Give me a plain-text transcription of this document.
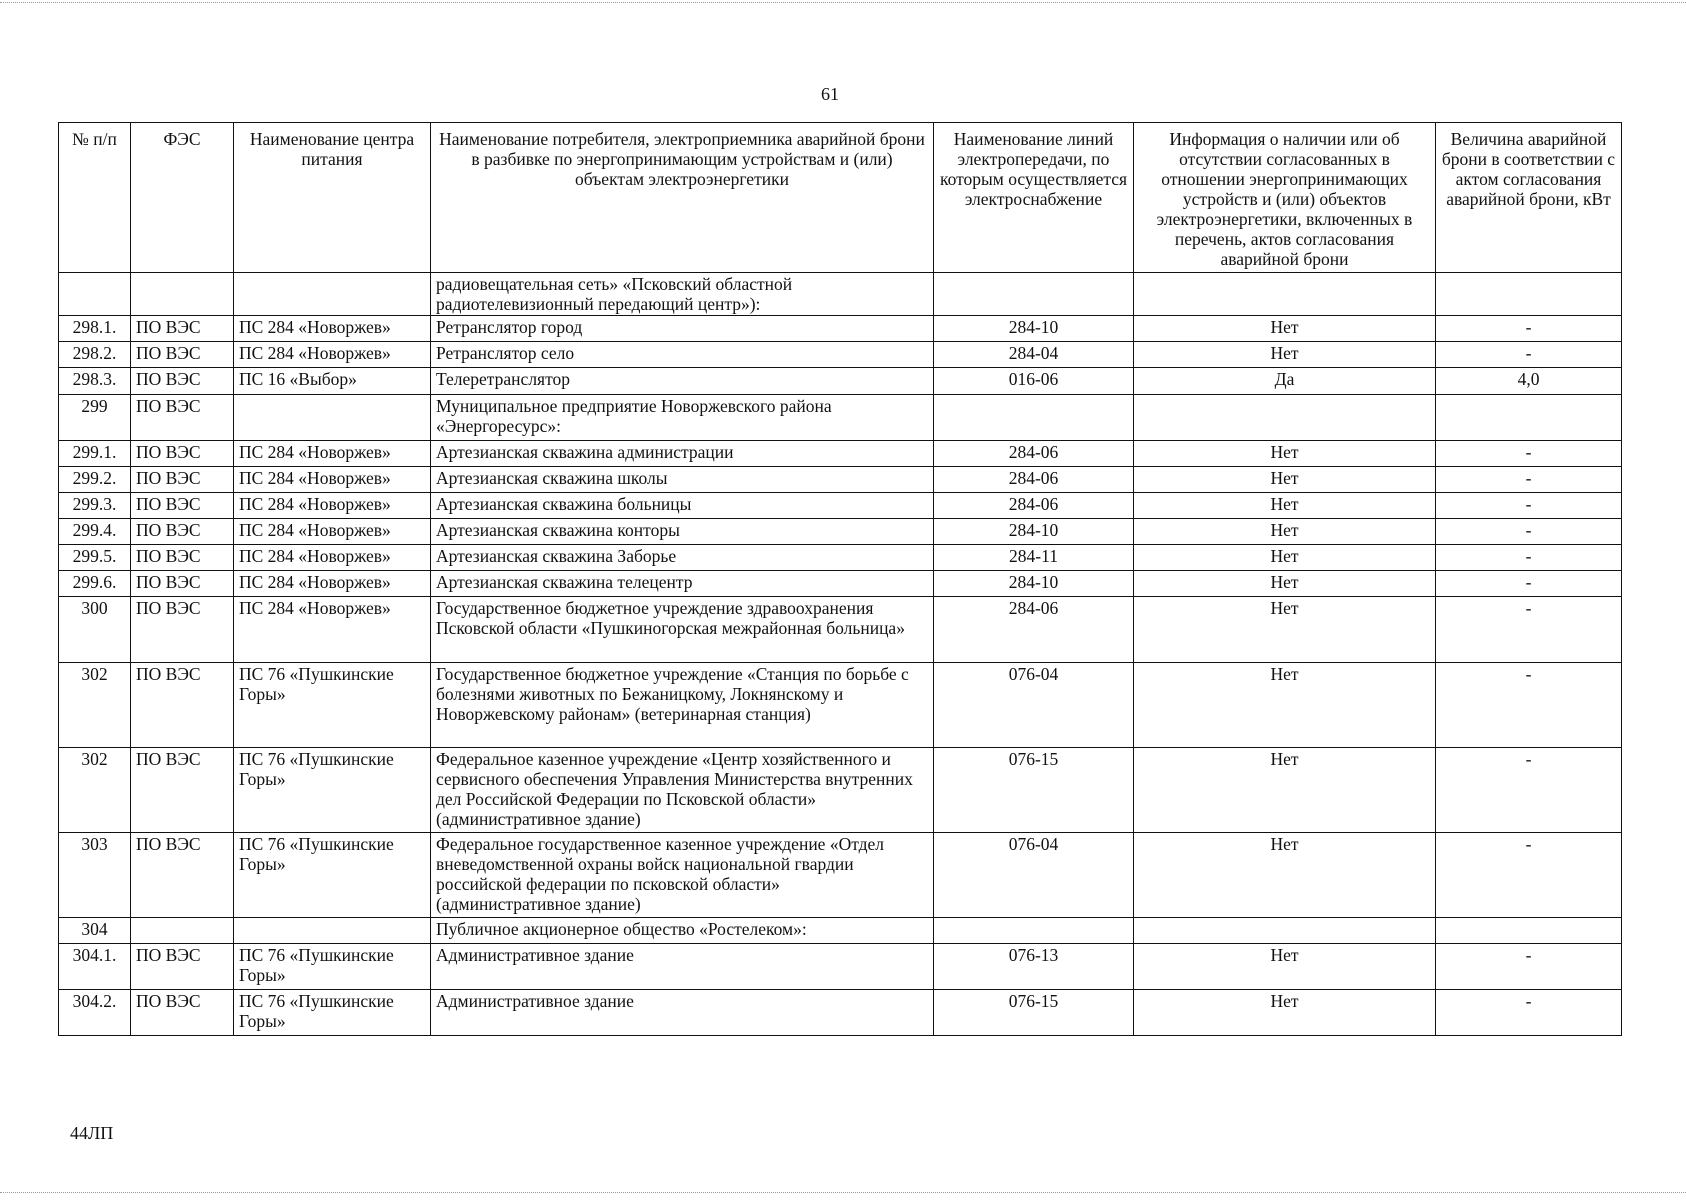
61
№ п/п	ФЭС	Наименование центра питания	Наименование потребителя, электроприемника аварийной брони в разбивке по энергопринимающим устройствам и (или) объектам электроэнергетики	Наименование линий электропередачи, по которым осуществляется электроснабжение	Информация о наличии или об отсутствии согласованных в отношении энергопринимающих устройств и (или) объектов электроэнергетики, включенных в перечень, актов согласования аварийной брони	Величина аварийной брони в соответствии с актом согласования аварийной брони, кВт
			радиовещательная сеть» «Псковский областной радиотелевизионный передающий центр»):			
298.1.	ПО ВЭС	ПС 284 «Новоржев»	Ретранслятор город	284-10	Нет	-
298.2.	ПО ВЭС	ПС 284 «Новоржев»	Ретранслятор село	284-04	Нет	-
298.3.	ПО ВЭС	ПС 16 «Выбор»	Телеретранслятор	016-06	Да	4,0
299	ПО ВЭС		Муниципальное предприятие Новоржевского района «Энергоресурс»:			
299.1.	ПО ВЭС	ПС 284 «Новоржев»	Артезианская скважина администрации	284-06	Нет	-
299.2.	ПО ВЭС	ПС 284 «Новоржев»	Артезианская скважина школы	284-06	Нет	-
299.3.	ПО ВЭС	ПС 284 «Новоржев»	Артезианская скважина больницы	284-06	Нет	-
299.4.	ПО ВЭС	ПС 284 «Новоржев»	Артезианская скважина конторы	284-10	Нет	-
299.5.	ПО ВЭС	ПС 284 «Новоржев»	Артезианская скважина Заборье	284-11	Нет	-
299.6.	ПО ВЭС	ПС 284 «Новоржев»	Артезианская скважина телецентр	284-10	Нет	-
300	ПО ВЭС	ПС 284 «Новоржев»	Государственное бюджетное учреждение здравоохранения Псковской области «Пушкиногорская межрайонная больница»	284-06	Нет	-
302	ПО ВЭС	ПС 76 «Пушкинские Горы»	Государственное бюджетное учреждение «Станция по борьбе с болезнями животных по Бежаницкому, Локнянскому и Новоржевскому районам» (ветеринарная станция)	076-04	Нет	-
302	ПО ВЭС	ПС 76 «Пушкинские Горы»	Федеральное казенное учреждение «Центр хозяйственного и сервисного обеспечения Управления Министерства внутренних дел Российской Федерации по Псковской области» (административное здание)	076-15	Нет	-
303	ПО ВЭС	ПС 76 «Пушкинские Горы»	Федеральное государственное казенное учреждение «Отдел вневедомственной охраны войск национальной гвардии российской федерации по псковской области» (административное здание)	076-04	Нет	-
304			Публичное акционерное общество «Ростелеком»:			
304.1.	ПО ВЭС	ПС 76 «Пушкинские Горы»	Административное здание	076-13	Нет	-
304.2.	ПО ВЭС	ПС 76 «Пушкинские Горы»	Административное здание	076-15	Нет	-
44ЛП
